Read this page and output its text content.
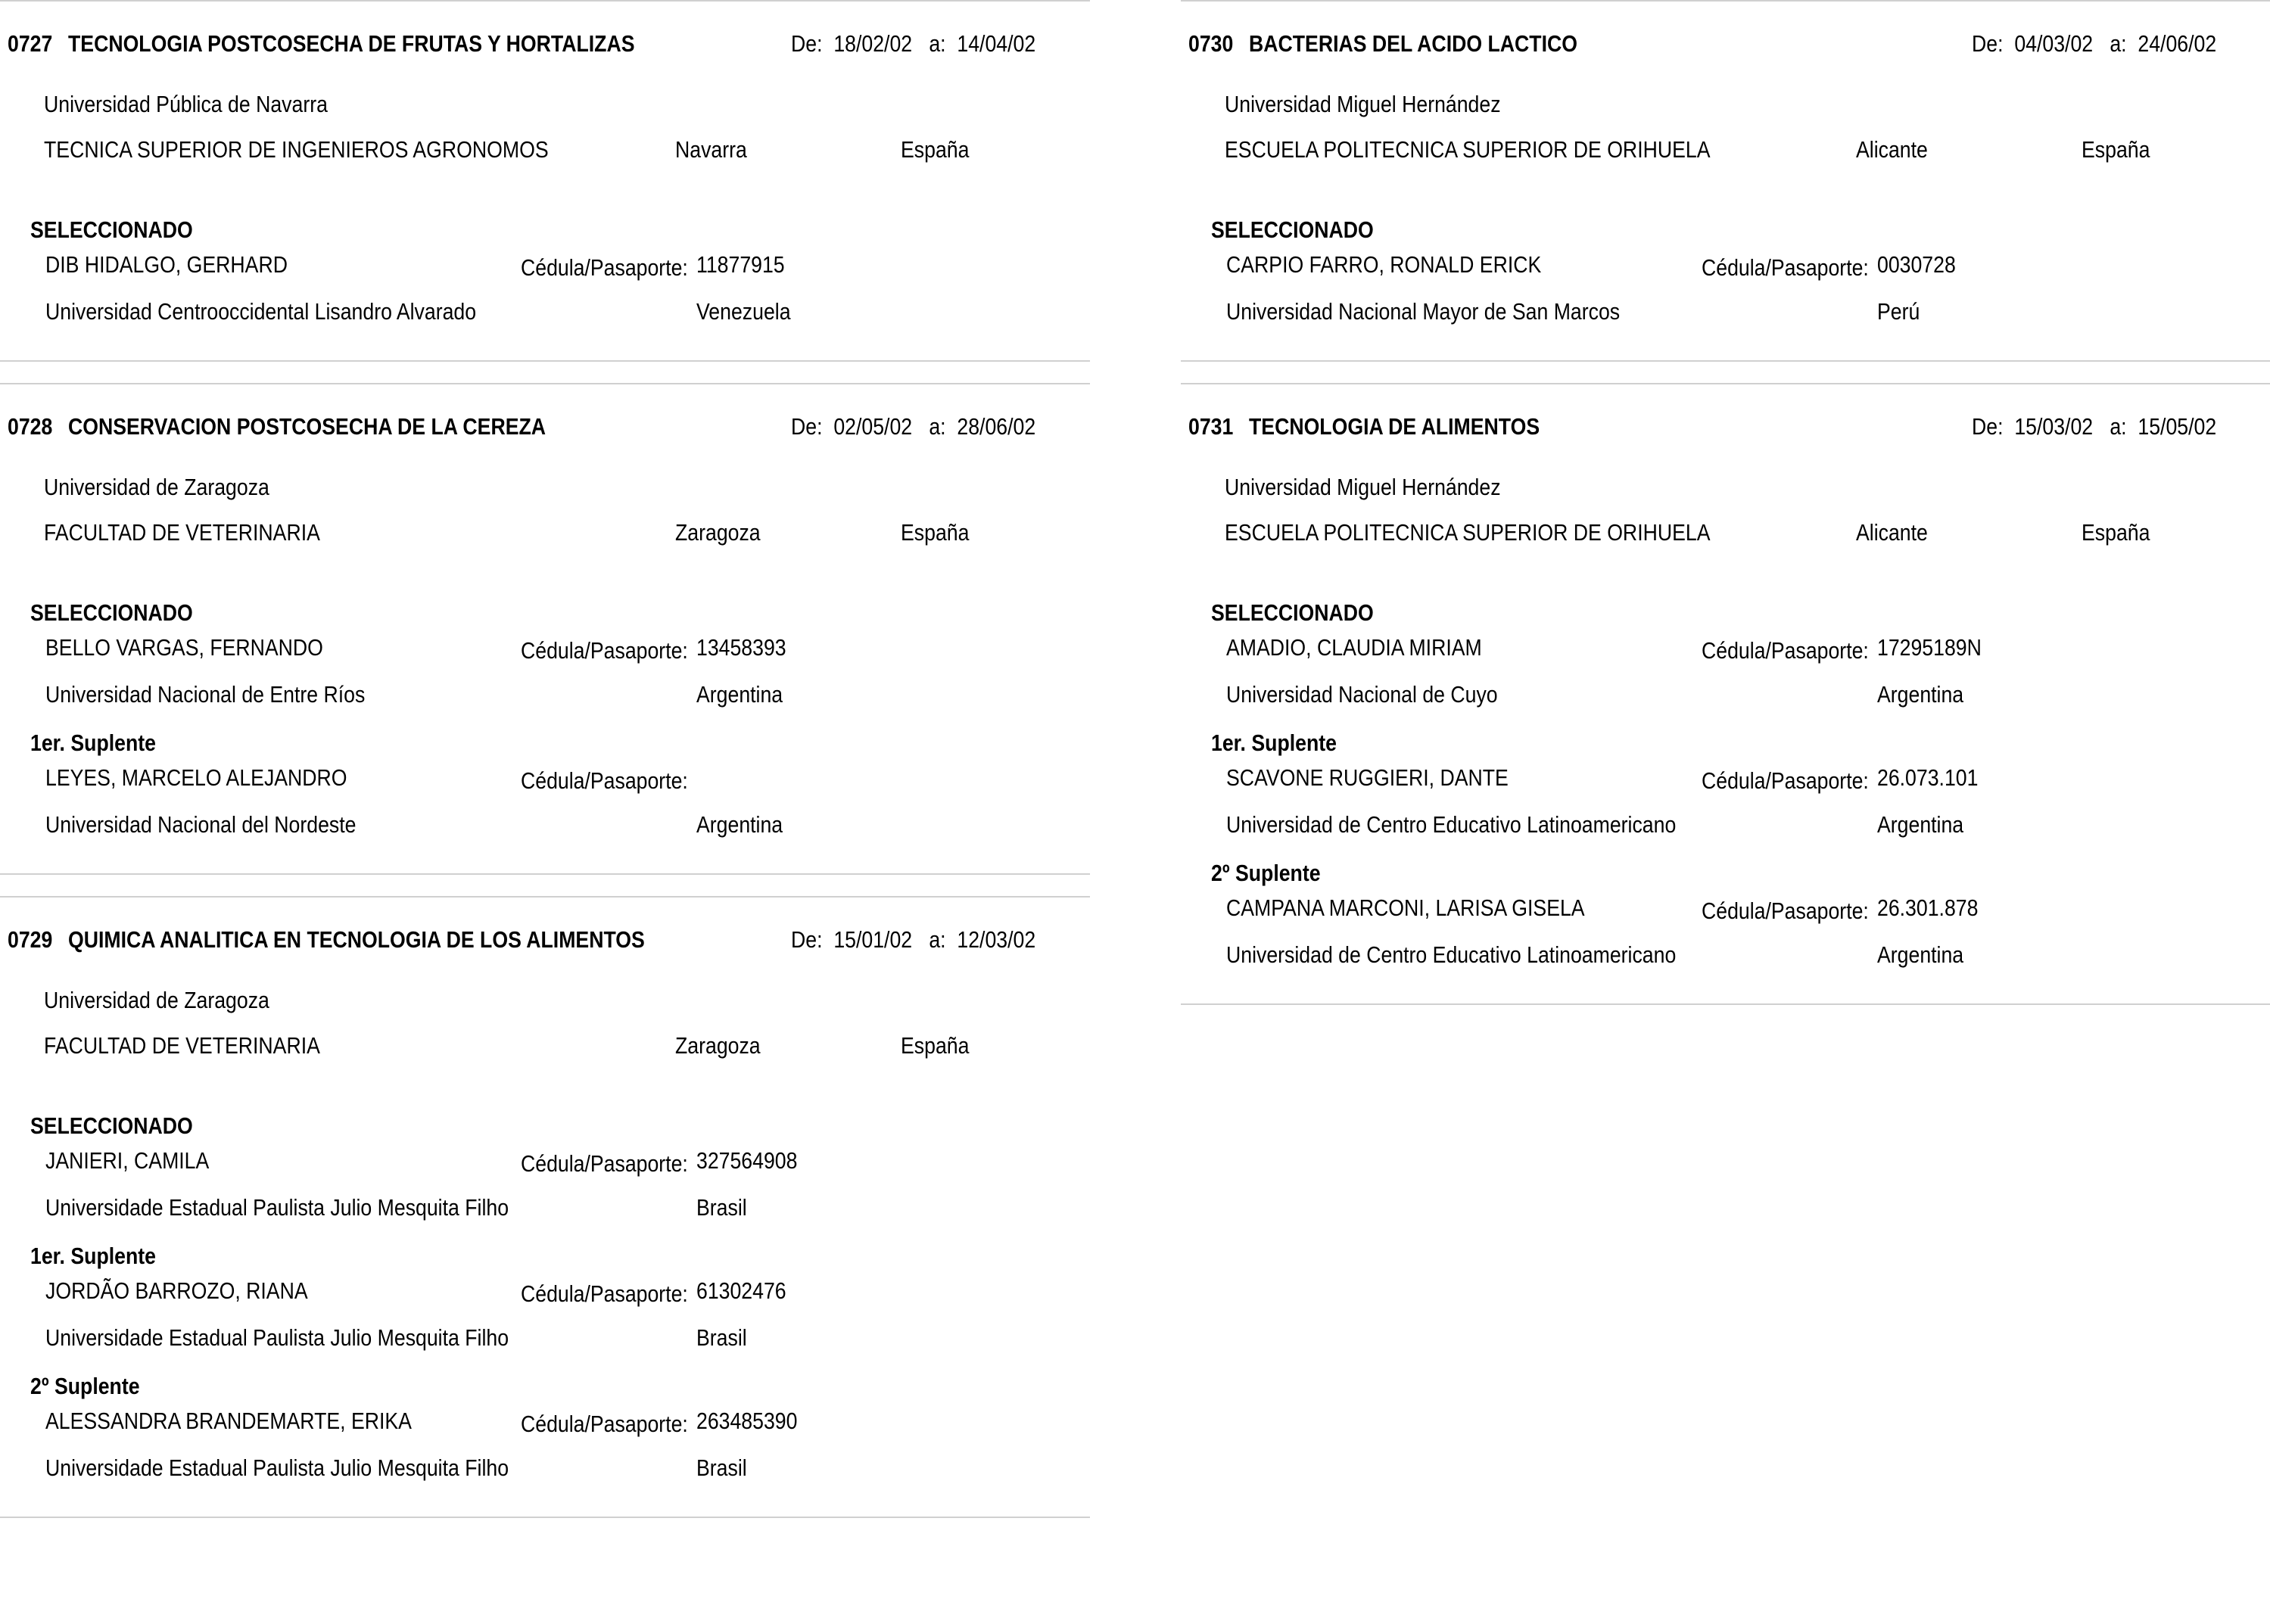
0727 TECNOLOGIA POSTCOSECHA DE FRUTAS Y HORTALIZAS	De: 18/02/02 a: 14/04/02
Universidad Pública de Navarra
TECNICA SUPERIOR DE INGENIEROS AGRONOMOS	Navarra	España
SELECCIONADO
DIB HIDALGO, GERHARD	Cédula/Pasaporte: 11877915
Universidad Centrooccidental Lisandro Alvarado	Venezuela
0728 CONSERVACION POSTCOSECHA DE LA CEREZA	De: 02/05/02 a: 28/06/02
Universidad de Zaragoza
FACULTAD DE VETERINARIA	Zaragoza	España
SELECCIONADO
BELLO VARGAS, FERNANDO	Cédula/Pasaporte: 13458393
Universidad Nacional de Entre Ríos	Argentina
1er. Suplente
LEYES, MARCELO ALEJANDRO	Cédula/Pasaporte:
Universidad Nacional del Nordeste	Argentina
0729 QUIMICA ANALITICA EN TECNOLOGIA DE LOS ALIMENTOS	De: 15/01/02 a: 12/03/02
Universidad de Zaragoza
FACULTAD DE VETERINARIA	Zaragoza	España
SELECCIONADO
JANIERI, CAMILA	Cédula/Pasaporte: 327564908
Universidade Estadual Paulista Julio Mesquita Filho	Brasil
1er. Suplente
JORDÃO BARROZO, RIANA	Cédula/Pasaporte: 61302476
Universidade Estadual Paulista Julio Mesquita Filho	Brasil
2º Suplente
ALESSANDRA BRANDEMARTE, ERIKA	Cédula/Pasaporte: 263485390
Universidade Estadual Paulista Julio Mesquita Filho	Brasil
0730 BACTERIAS DEL ACIDO LACTICO	De: 04/03/02 a: 24/06/02
Universidad Miguel Hernández
ESCUELA POLITECNICA SUPERIOR DE ORIHUELA	Alicante	España
SELECCIONADO
CARPIO FARRO, RONALD ERICK	Cédula/Pasaporte: 0030728
Universidad Nacional Mayor de San Marcos	Perú
0731 TECNOLOGIA DE ALIMENTOS	De: 15/03/02 a: 15/05/02
Universidad Miguel Hernández
ESCUELA POLITECNICA SUPERIOR DE ORIHUELA	Alicante	España
SELECCIONADO
AMADIO, CLAUDIA MIRIAM	Cédula/Pasaporte: 17295189N
Universidad Nacional de Cuyo	Argentina
1er. Suplente
SCAVONE RUGGIERI, DANTE	Cédula/Pasaporte: 26.073.101
Universidad de Centro Educativo Latinoamericano	Argentina
2º Suplente
CAMPANA MARCONI, LARISA GISELA	Cédula/Pasaporte: 26.301.878
Universidad de Centro Educativo Latinoamericano	Argentina
